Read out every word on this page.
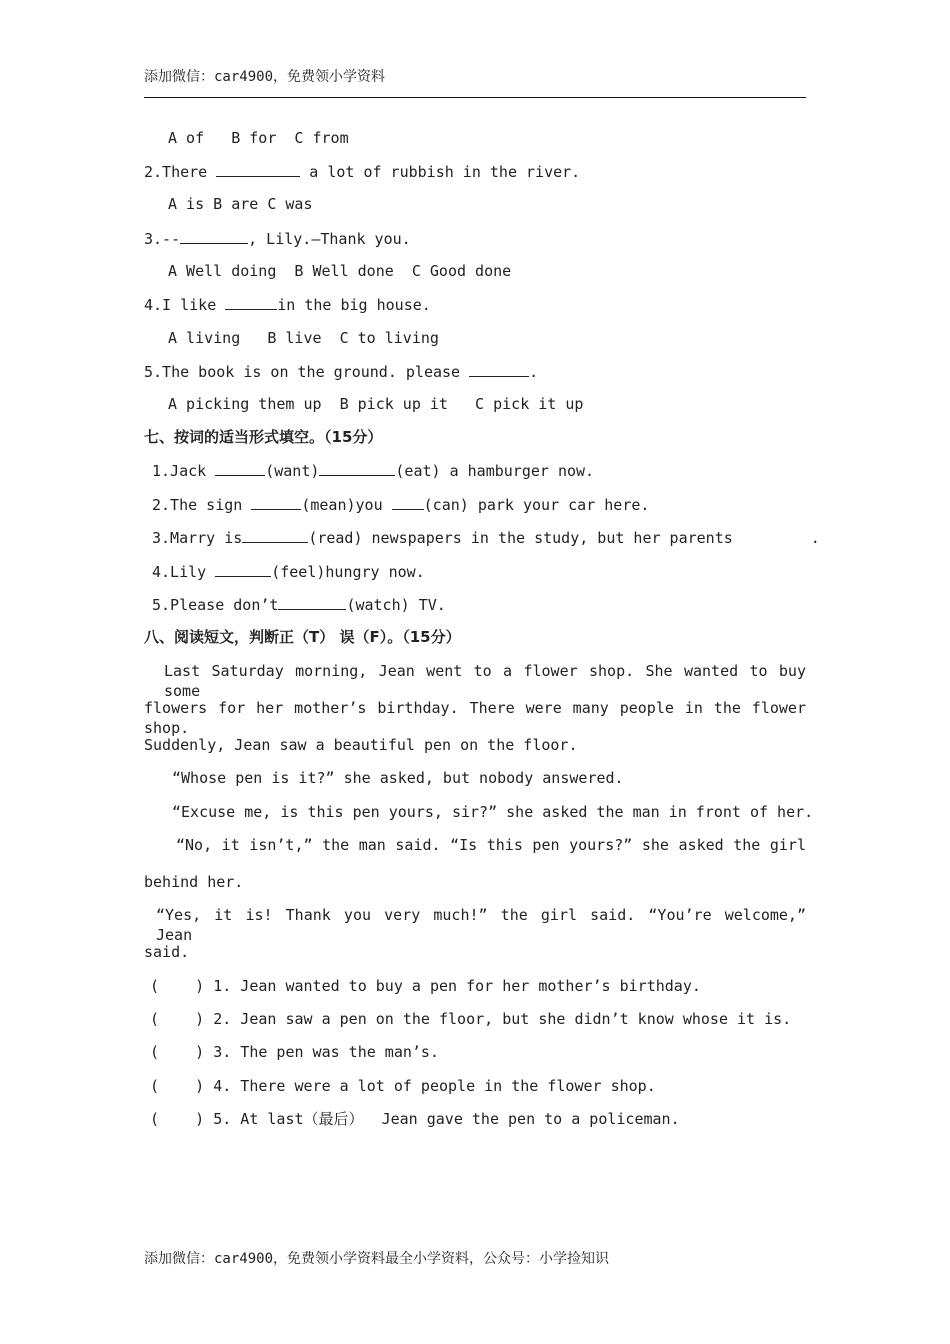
添加微信：car4900，免费领小学资料
A of   B for  C from
2.There	a lot of rubbish in the river.
A is B are C was
3.--	, Lily.—Thank you.
A Well doing  B Well done  C Good done
4.I like	in the big house.
A living   B live  C to living
5.The book is on the ground. please	.
A picking them up  B pick up it   C pick it up
七、按词的适当形式填空。（15分）
1.Jack	(want)	(eat) a hamburger now.
2.The sign	(mean)you (can) park your car here.
3.Marry is	(read) newspapers in the study, but her parents	.
4.Lily	(feel)hungry now.
5.Please don’t	(watch) TV.
八、阅读短文，判断正（T） 误（F）。（15分）
Last Saturday morning, Jean went to a flower shop. She wanted to buy some
flowers for her mother’s birthday. There were many people in the flower shop.
Suddenly, Jean saw a beautiful pen on the floor.
“Whose pen is it?” she asked, but nobody answered.
“Excuse me, is this pen yours, sir?” she asked the man in front of her.
“No, it isn’t,” the man said. “Is this pen yours?” she asked the girl
behind her.
“Yes, it is! Thank you very much!” the girl said. “You’re welcome,” Jean
said.
(    ) 1. Jean wanted to buy a pen for her mother’s birthday.
(    ) 2. Jean saw a pen on the floor, but she didn’t know whose it is.
(    ) 3. The pen was the man’s.
(    ) 4. There were a lot of people in the flower shop.
(    ) 5. At last（最后）  Jean gave the pen to a policeman.
添加微信：car4900，免费领小学资料最全小学资料，公众号：小学捡知识
